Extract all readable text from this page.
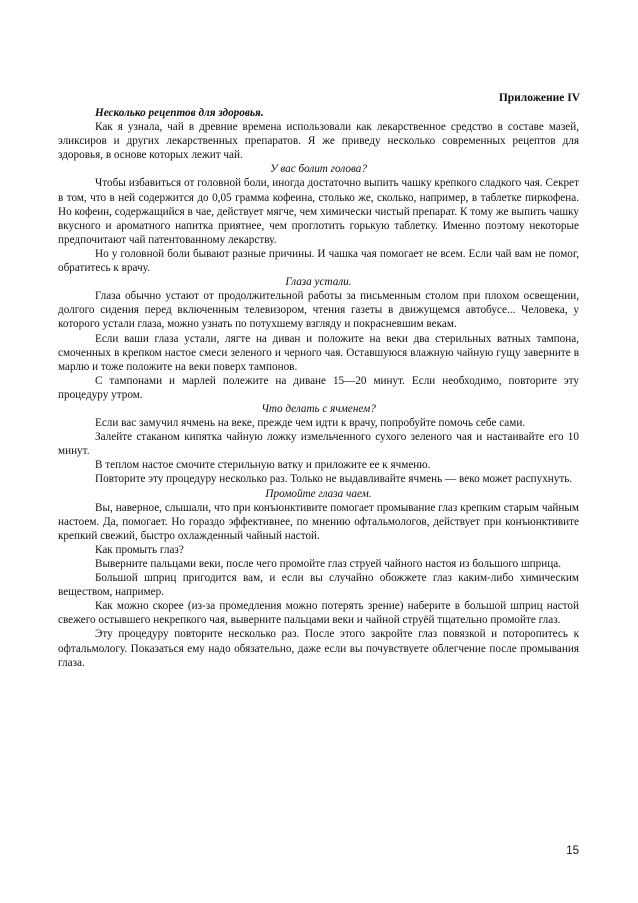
Приложение IV

Несколько рецептов для здоровья.

Как я узнала, чай в древние времена использовали как лекарственное средство в составе мазей, эликсиров и других лекарственных препаратов. Я же приведу несколько современных рецептов для здоровья, в основе которых лежит чай.

У вас болит голова?

Чтобы избавиться от головной боли, иногда достаточно выпить чашку крепкого сладкого чая. Секрет в том, что в ней содержится до 0,05 грамма кофеина, столько же, сколько, например, в таблетке пиркофена. Но кофеин, содержащийся в чае, действует мягче, чем химически чистый препарат. К тому же выпить чашку вкусного и ароматного напитка приятнее, чем проглотить горькую таблетку. Именно поэтому некоторые предпочитают чай патентованному лекарству.

Но у головной боли бывают разные причины. И чашка чая помогает не всем. Если чай вам не помог, обратитесь к врачу.

Глаза устали.

Глаза обычно устают от продолжительной работы за письменным столом при плохом освещении, долгого сидения перед включенным телевизором, чтения газеты в движущемся автобусе... Человека, у которого устали глаза, можно узнать по потухшему взгляду и покрасневшим векам.

Если ваши глаза устали, лягте на диван и положите на веки два стерильных ватных тампона, смоченных в крепком настое смеси зеленого и черного чая. Оставшуюся влажную чайную гущу заверните в марлю и тоже положите на веки поверх тампонов.

С тампонами и марлей полежите на диване 15—20 минут. Если необходимо, повторите эту процедуру утром.

Что делать с ячменем?

Если вас замучил ячмень на веке, прежде чем идти к врачу, попробуйте помочь себе сами.

Залейте стаканом кипятка чайную ложку измельченного сухого зеленого чая и настаивайте его 10 минут.

В теплом настое смочите стерильную ватку и приложите ее к ячменю.

Повторите эту процедуру несколько раз. Только не выдавливайте ячмень — веко может распухнуть.

Промойте глаза чаем.

Вы, наверное, слышали, что при конъюнктивите помогает промывание глаз крепким старым чайным настоем. Да, помогает. Но гораздо эффективнее, по мнению офтальмологов, действует при конъюнктивите крепкий свежий, быстро охлажденный чайный настой.

Как промыть глаз?

Выверните пальцами веки, после чего промойте глаз струей чайного настоя из большого шприца.

Большой шприц пригодится вам, и если вы случайно обожжете глаз каким-либо химическим веществом, например.

Как можно скорее (из-за промедления можно потерять зрение) наберите в большой шприц настой свежего остывшего некрепкого чая, выверните пальцами веки и чайной струёй тщательно промойте глаз.

Эту процедуру повторите несколько раз. После этого закройте глаз повязкой и поторопитесь к офтальмологу. Показаться ему надо обязательно, даже если вы почувствуете облегчение после промывания глаза.

15
